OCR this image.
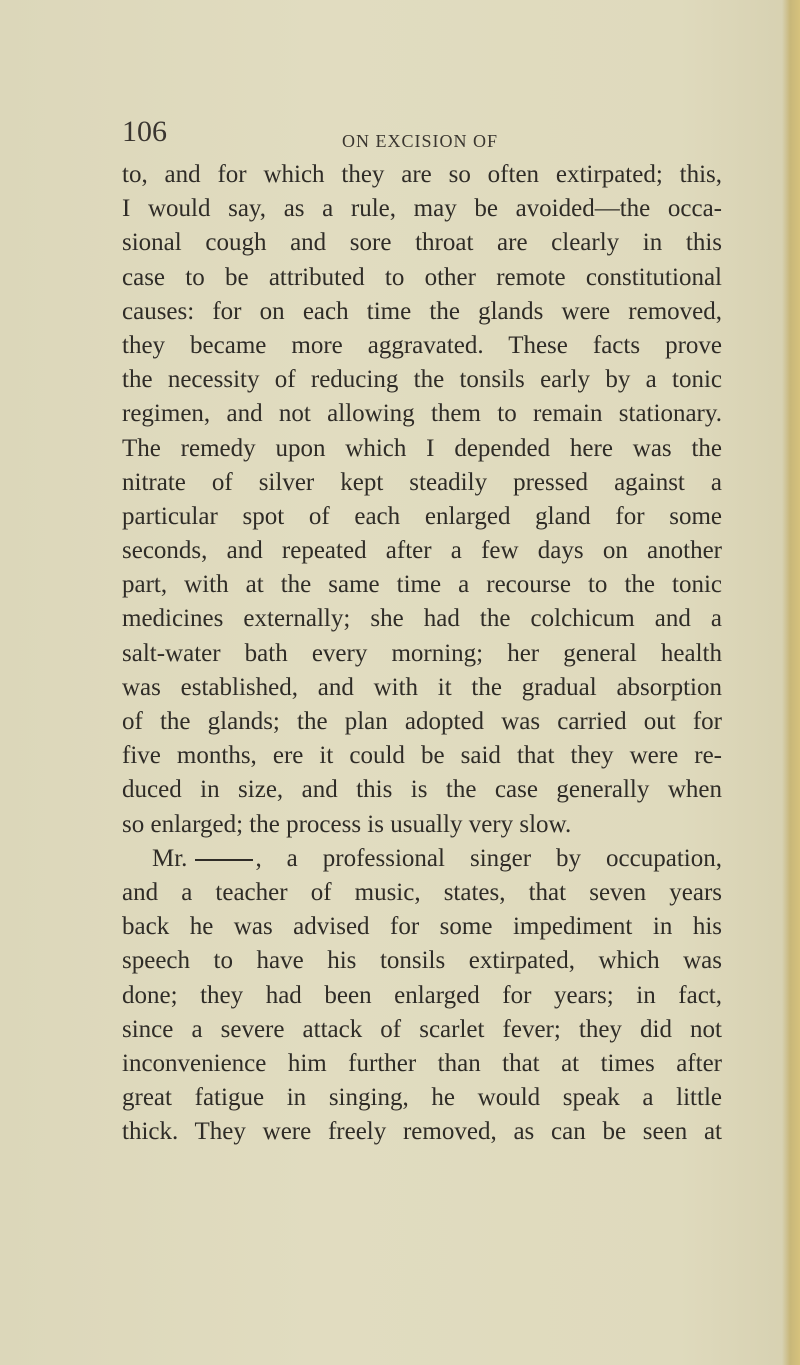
106	ON EXCISION OF
to, and for which they are so often extirpated; this,
I would say, as a rule, may be avoided—the occa-
sional cough and sore throat are clearly in this
case to be attributed to other remote constitutional
causes: for on each time the glands were removed,
they became more aggravated. These facts prove
the necessity of reducing the tonsils early by a tonic
regimen, and not allowing them to remain stationary.
The remedy upon which I depended here was the
nitrate of silver kept steadily pressed against a
particular spot of each enlarged gland for some
seconds, and repeated after a few days on another
part, with at the same time a recourse to the tonic
medicines externally; she had the colchicum and a
salt-water bath every morning; her general health
was established, and with it the gradual absorption
of the glands; the plan adopted was carried out for
five months, ere it could be said that they were re-
duced in size, and this is the case generally when
so enlarged; the process is usually very slow.
Mr.	, a professional singer by occupation,
and a teacher of music, states, that seven years
back he was advised for some impediment in his
speech to have his tonsils extirpated, which was
done; they had been enlarged for years; in fact,
since a severe attack of scarlet fever; they did not
inconvenience him further than that at times after
great fatigue in singing, he would speak a little
thick. They were freely removed, as can be seen at
